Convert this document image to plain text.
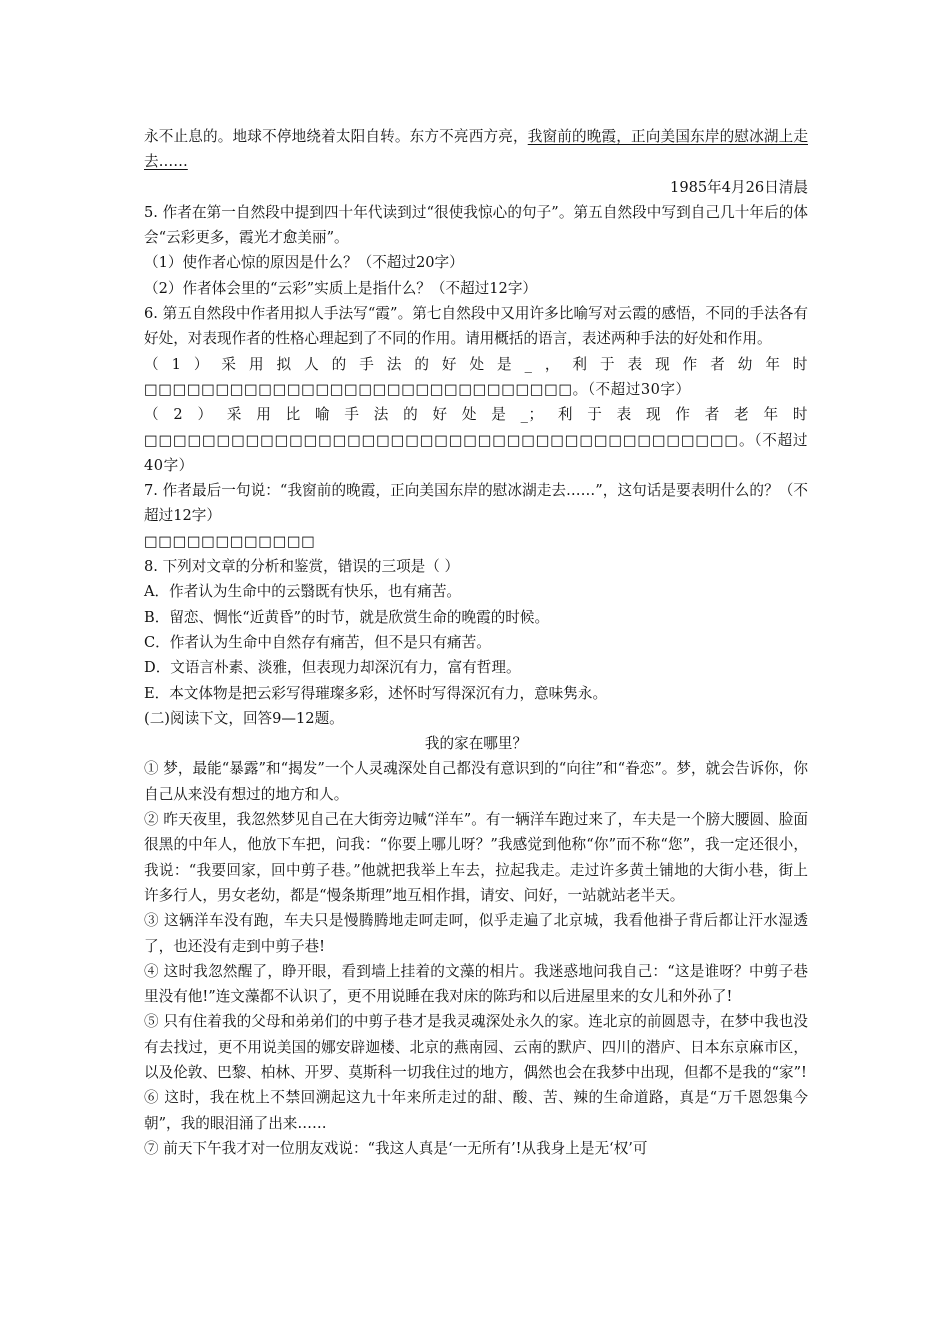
永不止息的。地球不停地绕着太阳自转。东方不亮西方亮，我窗前的晚霞，正向美国东岸的慰冰湖上走去……

1985年4月26日清晨

5. 作者在第一自然段中提到四十年代读到过“很使我惊心的句子”。第五自然段中写到自己几十年后的体会“云彩更多，霞光才愈美丽”。

（1）使作者心惊的原因是什么？（不超过20字）

（2）作者体会里的“云彩”实质上是指什么？（不超过12字）

6. 第五自然段中作者用拟人手法写“霞”。第七自然段中又用许多比喻写对云霞的感悟，不同的手法各有好处，对表现作者的性格心理起到了不同的作用。请用概括的语言，表述两种手法的好处和作用。

（1）采用拟人的手法的好处是_，利于表现作者幼年时□□□□□□□□□□□□□□□□□□□□□□□□□□□□□□。（不超过30字）

（2）采用比喻手法的好处是_；利于表现作者老年时□□□□□□□□□□□□□□□□□□□□□□□□□□□□□□□□□□□□□□□□□。（不超过40字）

7. 作者最后一句说：“我窗前的晚霞，正向美国东岸的慰冰湖走去……”，这句话是要表明什么的？（不超过12字）

□□□□□□□□□□□□

8. 下列对文章的分析和鉴赏，错误的三项是（ ）

A．作者认为生命中的云翳既有快乐，也有痛苦。

B．留恋、惆怅“近黄昏”的时节，就是欣赏生命的晚霞的时候。

C．作者认为生命中自然存有痛苦，但不是只有痛苦。

D．文语言朴素、淡雅，但表现力却深沉有力，富有哲理。

E．本文体物是把云彩写得璀璨多彩，述怀时写得深沉有力，意味隽永。

(二)阅读下文，回答9—12题。

我的家在哪里？

① 梦，最能“暴露”和“揭发”一个人灵魂深处自己都没有意识到的“向往”和“眷恋”。梦，就会告诉你，你自己从来没有想过的地方和人。

② 昨天夜里，我忽然梦见自己在大街旁边喊“洋车”。有一辆洋车跑过来了，车夫是一个膀大腰圆、脸面很黑的中年人，他放下车把，问我：“你要上哪儿呀？”我感觉到他称“你”而不称“您”，我一定还很小，我说：“我要回家，回中剪子巷。”他就把我举上车去，拉起我走。走过许多黄土铺地的大街小巷，街上许多行人，男女老幼，都是“慢条斯理”地互相作揖，请安、问好，一站就站老半天。

③ 这辆洋车没有跑，车夫只是慢腾腾地走呵走呵，似乎走遍了北京城，我看他褂子背后都让汗水湿透了，也还没有走到中剪子巷!

④ 这时我忽然醒了，睁开眼，看到墙上挂着的文藻的相片。我迷惑地问我自己：“这是谁呀？中剪子巷里没有他!”连文藻都不认识了，更不用说睡在我对床的陈玙和以后进屋里来的女儿和外孙了!

⑤ 只有住着我的父母和弟弟们的中剪子巷才是我灵魂深处永久的家。连北京的前圆恩寺，在梦中我也没有去找过，更不用说美国的娜安辟迦楼、北京的燕南园、云南的默庐、四川的潜庐、日本东京麻市区，以及伦敦、巴黎、柏林、开罗、莫斯科一切我住过的地方，偶然也会在我梦中出现，但都不是我的“家”!

⑥ 这时，我在枕上不禁回溯起这九十年来所走过的甜、酸、苦、辣的生命道路，真是“万千恩怨集今朝”，我的眼泪涌了出来……

⑦ 前天下午我才对一位朋友戏说：“我这人真是‘一无所有’!从我身上是无‘权’可
